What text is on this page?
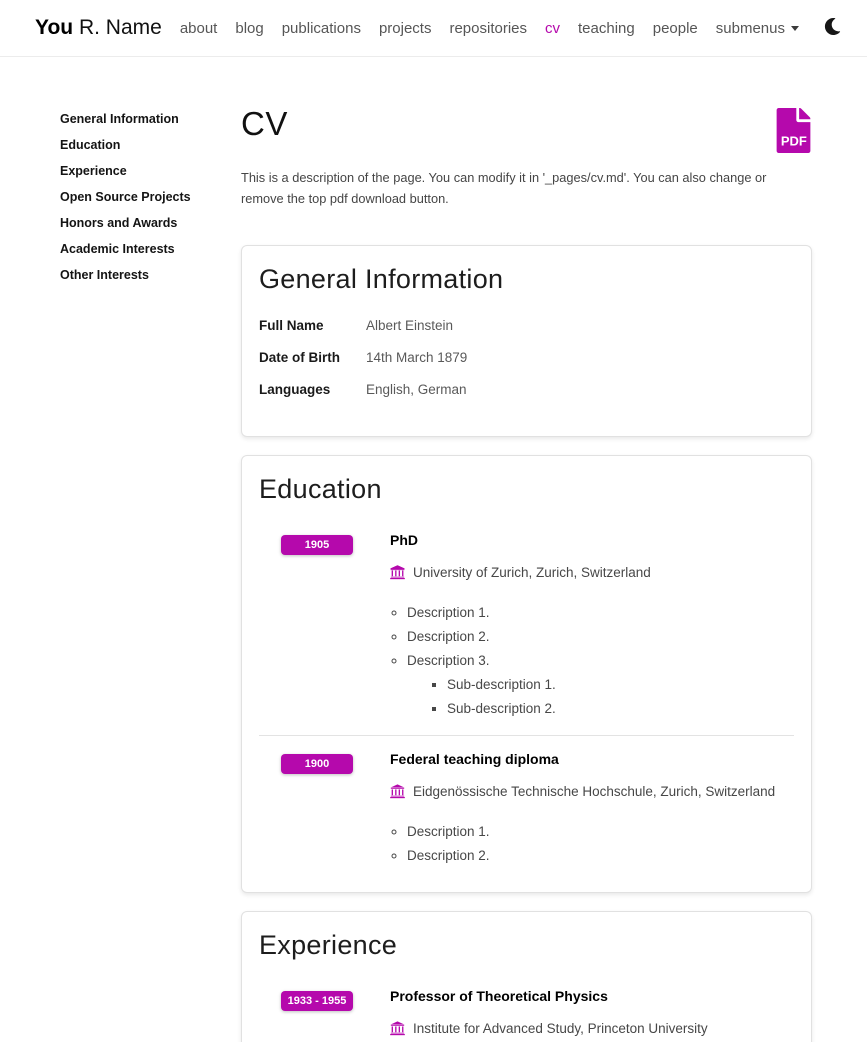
You R. Name	about	blog	publications	projects	repositories	cv	teaching	people	submenus
General Information
Education
Experience
Open Source Projects
Honors and Awards
Academic Interests
Other Interests
CV	PDF

This is a description of the page. You can modify it in '_pages/cv.md'. You can also change or remove the top pdf download button.

General Information
Full Name	Albert Einstein
Date of Birth	14th March 1879
Languages	English, German
Education
1905	PhD
University of Zurich, Zurich, Switzerland
◦ Description 1.
◦ Description 2.
◦ Description 3.
▪ Sub-description 1.
▪ Sub-description 2.
1900	Federal teaching diploma
Eidgenössische Technische Hochschule, Zurich, Switzerland
◦ Description 1.
◦ Description 2.
Experience
1933 - 1955	Professor of Theoretical Physics
Institute for Advanced Study, Princeton University
